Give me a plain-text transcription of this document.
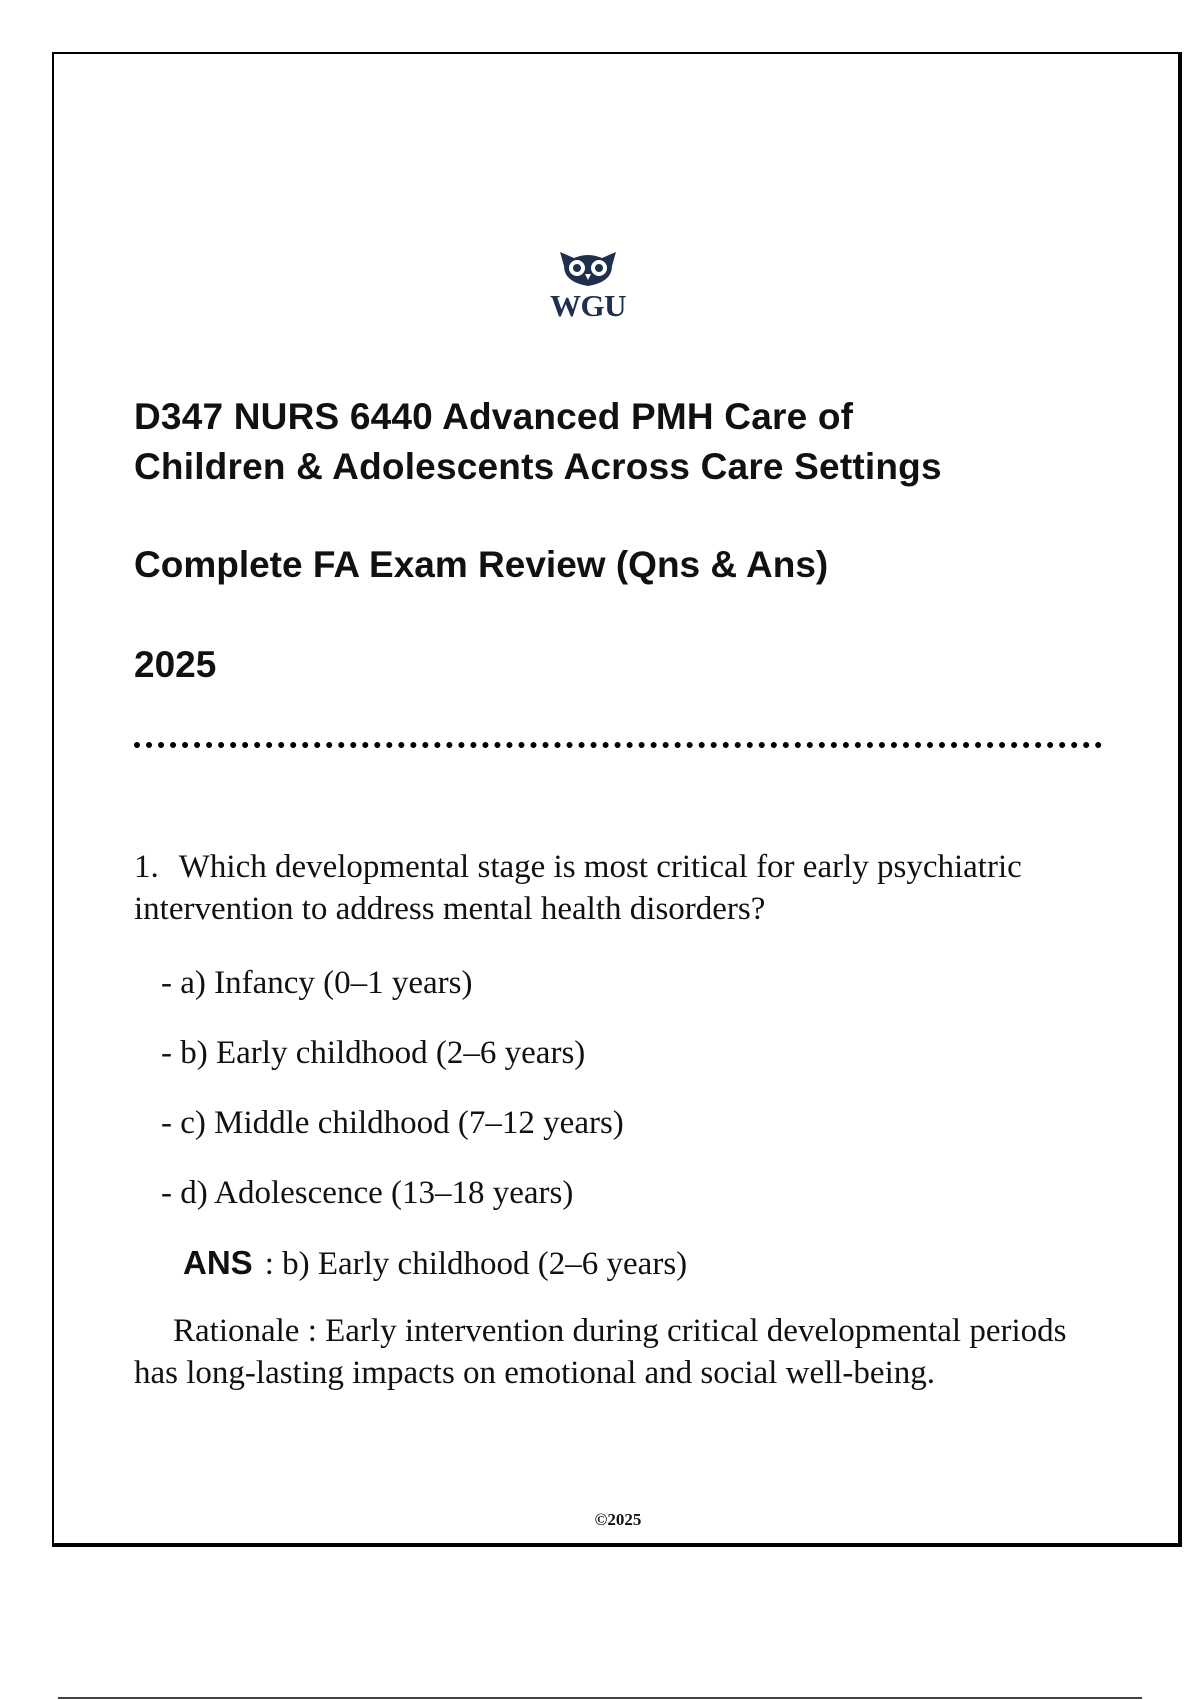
WGU
D347 NURS 6440 Advanced PMH Care of
Children & Adolescents Across Care Settings
Complete FA Exam Review (Qns & Ans)
2025
1. Which developmental stage is most critical for early psychiatric intervention to address mental health disorders?
- a) Infancy (0–1 years)
- b) Early childhood (2–6 years)
- c) Middle childhood (7–12 years)
- d) Adolescence (13–18 years)
ANS : b) Early childhood (2–6 years)
Rationale : Early intervention during critical developmental periods has long-lasting impacts on emotional and social well-being.
©2025
